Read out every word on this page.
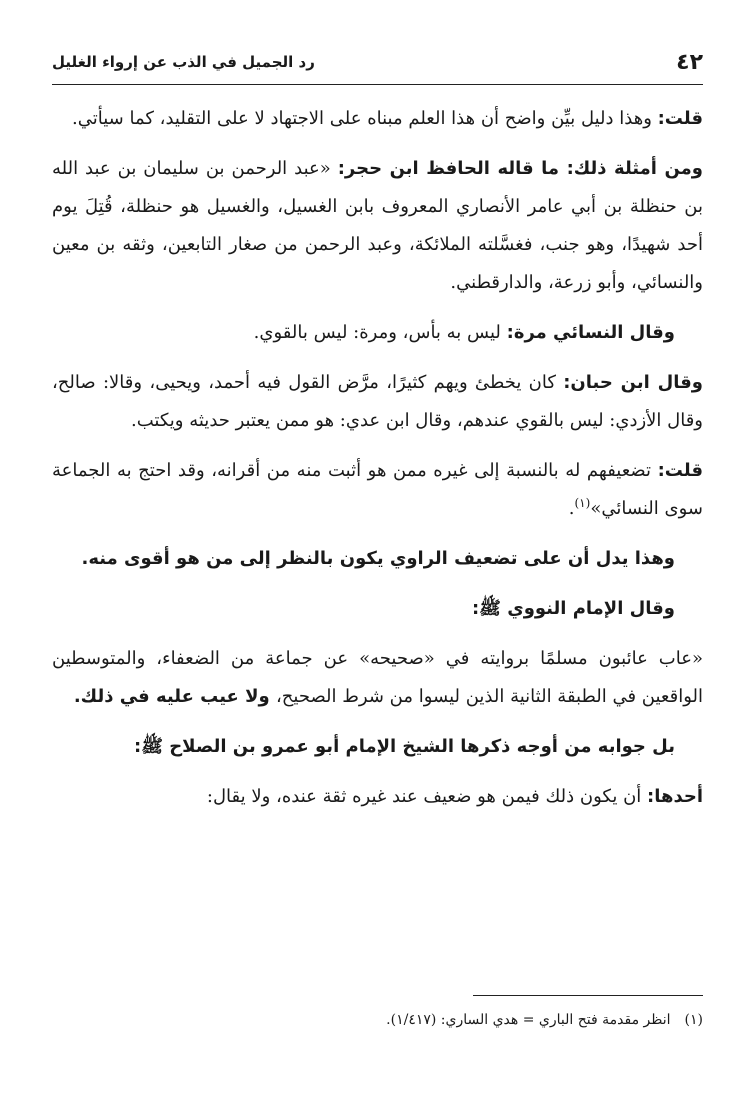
٤٢
رد الجميل في الذب عن إرواء الغليل

قلت: وهذا دليل بيِّن واضح أن هذا العلم مبناه على الاجتهاد لا على التقليد، كما سيأتي.

ومن أمثلة ذلك: ما قاله الحافظ ابن حجر: «عبد الرحمن بن سليمان بن عبد الله بن حنظلة بن أبي عامر الأنصاري المعروف بابن الغسيل، والغسيل هو حنظلة، قُتِلَ يوم أحد شهيدًا، وهو جنب، فغسَّلته الملائكة، وعبد الرحمن من صغار التابعين، وثقه بن معين والنسائي، وأبو زرعة، والدارقطني.

وقال النسائي مرة: ليس به بأس، ومرة: ليس بالقوي.

وقال ابن حبان: كان يخطئ ويهم كثيرًا، مرَّض القول فيه أحمد، ويحيى، وقالا: صالح، وقال الأزدي: ليس بالقوي عندهم، وقال ابن عدي: هو ممن يعتبر حديثه ويكتب.

قلت: تضعيفهم له بالنسبة إلى غيره ممن هو أثبت منه من أقرانه، وقد احتج به الجماعة سوى النسائي»$^{(١)}$.

وهذا يدل أن على تضعيف الراوي يكون بالنظر إلى من هو أقوى منه.

وقال الإمام النووي ﷺ:

«عاب عائبون مسلمًا بروايته في «صحيحه» عن جماعة من الضعفاء، والمتوسطين الواقعين في الطبقة الثانية الذين ليسوا من شرط الصحيح، ولا عيب عليه في ذلك.

بل جوابه من أوجه ذكرها الشيخ الإمام أبو عمرو بن الصلاح ﷺ:

أحدها: أن يكون ذلك فيمن هو ضعيف عند غيره ثقة عنده، ولا يقال:

(١)انظر مقدمة فتح الباري = هدي الساري: (١/٤١٧).
